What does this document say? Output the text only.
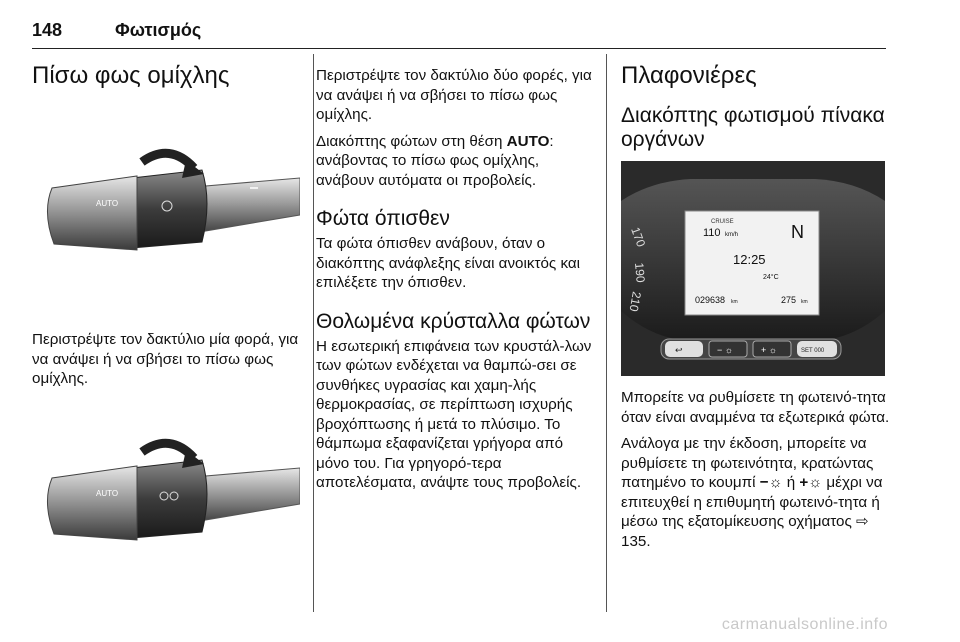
148	Φωτισμός
Πίσω φως ομίχλης
AUTO

Περιστρέψτε τον δακτύλιο μία φορά, για να ανάψει ή να σβήσει το πίσω φως ομίχλης.

AUTO

Περιστρέψτε τον δακτύλιο δύο φορές, για να ανάψει ή να σβήσει το πίσω φως ομίχλης.

Διακόπτης φώτων στη θέση AUTO: ανάβοντας το πίσω φως ομίχλης, ανάβουν αυτόματα οι προβολείς.

Φώτα όπισθεν

Τα φώτα όπισθεν ανάβουν, όταν ο διακόπτης ανάφλεξης είναι ανοικτός και επιλέξετε την όπισθεν.

Θολωμένα κρύσταλλα φώτων

Η εσωτερική επιφάνεια των κρυστάλ-λων των φώτων ενδέχεται να θαμπώ-σει σε συνθήκες υγρασίας και χαμη-λής θερμοκρασίας, σε περίπτωση ισχυρής βροχόπτωσης ή μετά το πλύσιμο. Το θάμπωμα εξαφανίζεται γρήγορα από μόνο του. Για γρηγορό-τερα αποτελέσματα, ανάψτε τους προβολείς.

Πλαφονιέρες
Διακόπτης φωτισμού πίνακα οργάνων
170
190
210
CRUISE
110 km/h	N
12:25
24°C
029638 km	275 km
↩	− ☼	+ ☼	SET 000

Μπορείτε να ρυθμίσετε τη φωτεινό-τητα όταν είναι αναμμένα τα εξωτερικά φώτα.

Ανάλογα με την έκδοση, μπορείτε να ρυθμίσετε τη φωτεινότητα, κρατώντας πατημένο το κουμπί −☼ ή +☼ μέχρι να επιτευχθεί η επιθυμητή φωτεινό-τητα ή μέσω της εξατομίκευσης οχήματος ⇨ 135.

carmanualsonline.info
